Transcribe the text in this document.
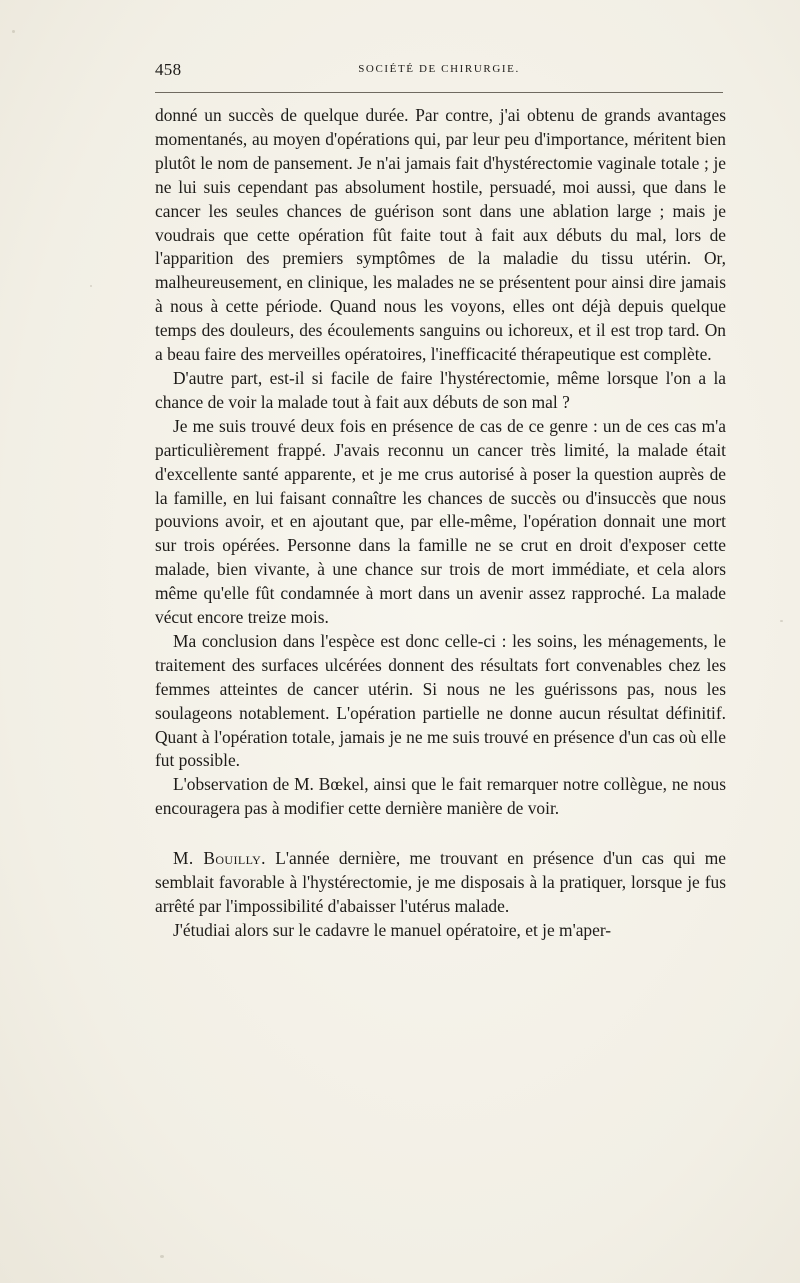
458	SOCIÉTÉ DE CHIRURGIE.

donné un succès de quelque durée. Par contre, j'ai obtenu de grands avantages momentanés, au moyen d'opérations qui, par leur peu d'importance, méritent bien plutôt le nom de pansement. Je n'ai jamais fait d'hystérectomie vaginale totale ; je ne lui suis cependant pas absolument hostile, persuadé, moi aussi, que dans le cancer les seules chances de guérison sont dans une ablation large ; mais je voudrais que cette opération fût faite tout à fait aux débuts du mal, lors de l'apparition des premiers symptômes de la maladie du tissu utérin. Or, malheureusement, en clinique, les malades ne se présentent pour ainsi dire jamais à nous à cette période. Quand nous les voyons, elles ont déjà depuis quelque temps des douleurs, des écoulements sanguins ou ichoreux, et il est trop tard. On a beau faire des merveilles opératoires, l'inefficacité thérapeutique est complète.

D'autre part, est-il si facile de faire l'hystérectomie, même lorsque l'on a la chance de voir la malade tout à fait aux débuts de son mal ?

Je me suis trouvé deux fois en présence de cas de ce genre : un de ces cas m'a particulièrement frappé. J'avais reconnu un cancer très limité, la malade était d'excellente santé apparente, et je me crus autorisé à poser la question auprès de la famille, en lui faisant connaître les chances de succès ou d'insuccès que nous pouvions avoir, et en ajoutant que, par elle-même, l'opération donnait une mort sur trois opérées. Personne dans la famille ne se crut en droit d'exposer cette malade, bien vivante, à une chance sur trois de mort immédiate, et cela alors même qu'elle fût condamnée à mort dans un avenir assez rapproché. La malade vécut encore treize mois.

Ma conclusion dans l'espèce est donc celle-ci : les soins, les ménagements, le traitement des surfaces ulcérées donnent des résultats fort convenables chez les femmes atteintes de cancer utérin. Si nous ne les guérissons pas, nous les soulageons notablement. L'opération partielle ne donne aucun résultat définitif. Quant à l'opération totale, jamais je ne me suis trouvé en présence d'un cas où elle fut possible.

L'observation de M. Bœkel, ainsi que le fait remarquer notre collègue, ne nous encouragera pas à modifier cette dernière manière de voir.

M. Bouilly. L'année dernière, me trouvant en présence d'un cas qui me semblait favorable à l'hystérectomie, je me disposais à la pratiquer, lorsque je fus arrêté par l'impossibilité d'abaisser l'utérus malade.

J'étudiai alors sur le cadavre le manuel opératoire, et je m'aper-
